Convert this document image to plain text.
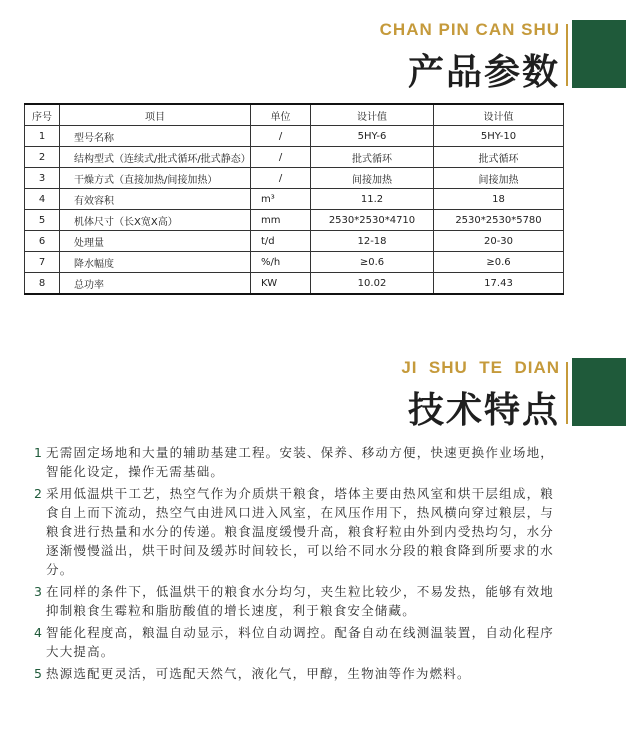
CHAN PIN CAN SHU
产品参数
序号	项目	单位	设计值	设计值
1	型号名称	/	5HY-6	5HY-10
2	结构型式（连续式/批式循环/批式静态）	/	批式循环	批式循环
3	干燥方式（直接加热/间接加热）	/	间接加热	间接加热
4	有效容积	m³	11.2	18
5	机体尺寸（长X宽X高）	mm	2530*2530*4710	2530*2530*5780
6	处理量	t/d	12-18	20-30
7	降水幅度	%/h	≥0.6	≥0.6
8	总功率	KW	10.02	17.43
JI  SHU  TE  DIAN
技术特点
1 无需固定场地和大量的辅助基建工程。安装、保养、移动方便，快速更换作业场地，智能化设定，操作无需基础。
2 采用低温烘干工艺，热空气作为介质烘干粮食，塔体主要由热风室和烘干层组成，粮食自上而下流动，热空气由进风口进入风室，在风压作用下，热风横向穿过粮层，与粮食进行热量和水分的传递。粮食温度缓慢升高，粮食籽粒由外到内受热均匀，水分逐渐慢慢溢出，烘干时间及缓苏时间较长，可以给不同水分段的粮食降到所要求的水分。
3 在同样的条件下，低温烘干的粮食水分均匀，夹生粒比较少，不易发热，能够有效地抑制粮食生霉粒和脂肪酸值的增长速度，利于粮食安全储藏。
4 智能化程度高，粮温自动显示，料位自动调控。配备自动在线测温装置，自动化程序大大提高。
5 热源选配更灵活，可选配天然气，液化气，甲醇，生物油等作为燃料。
